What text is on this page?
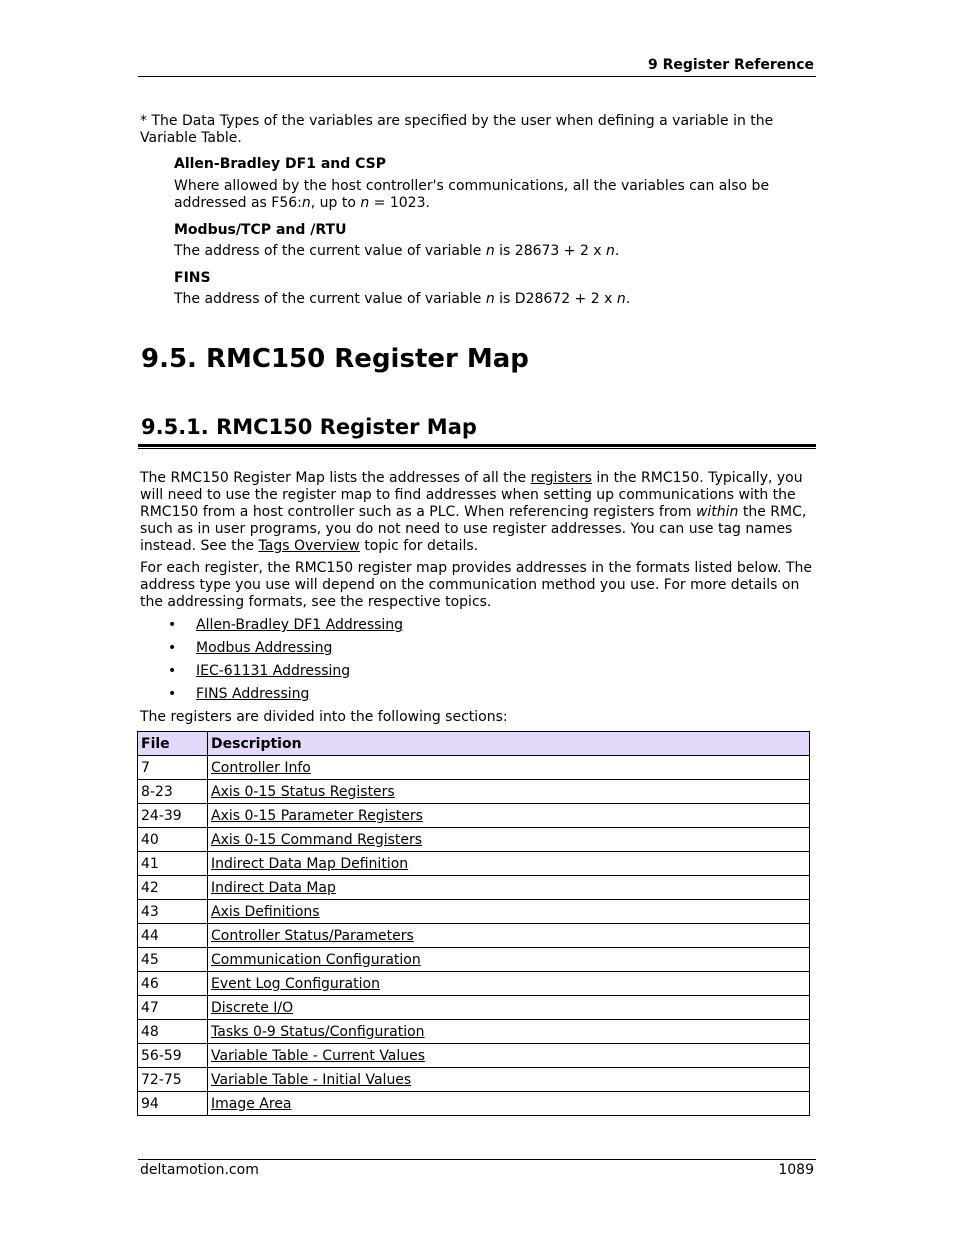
9 Register Reference

* The Data Types of the variables are specified by the user when defining a variable in the Variable Table.

Allen-Bradley DF1 and CSP

Where allowed by the host controller's communications, all the variables can also be addressed as F56:n, up to n = 1023.

Modbus/TCP and /RTU

The address of the current value of variable n is 28673 + 2 x n.

FINS

The address of the current value of variable n is D28672 + 2 x n.

9.5. RMC150 Register Map
9.5.1. RMC150 Register Map

The RMC150 Register Map lists the addresses of all the registers in the RMC150. Typically, you will need to use the register map to find addresses when setting up communications with the RMC150 from a host controller such as a PLC. When referencing registers from within the RMC, such as in user programs, you do not need to use register addresses. You can use tag names instead. See the Tags Overview topic for details.

For each register, the RMC150 register map provides addresses in the formats listed below. The address type you use will depend on the communication method you use. For more details on the addressing formats, see the respective topics.

• Allen-Bradley DF1 Addressing
• Modbus Addressing
• IEC-61131 Addressing
• FINS Addressing

The registers are divided into the following sections:

File	Description
7	Controller Info
8-23	Axis 0-15 Status Registers
24-39	Axis 0-15 Parameter Registers
40	Axis 0-15 Command Registers
41	Indirect Data Map Definition
42	Indirect Data Map
43	Axis Definitions
44	Controller Status/Parameters
45	Communication Configuration
46	Event Log Configuration
47	Discrete I/O
48	Tasks 0-9 Status/Configuration
56-59	Variable Table - Current Values
72-75	Variable Table - Initial Values
94	Image Area
deltamotion.com	1089
